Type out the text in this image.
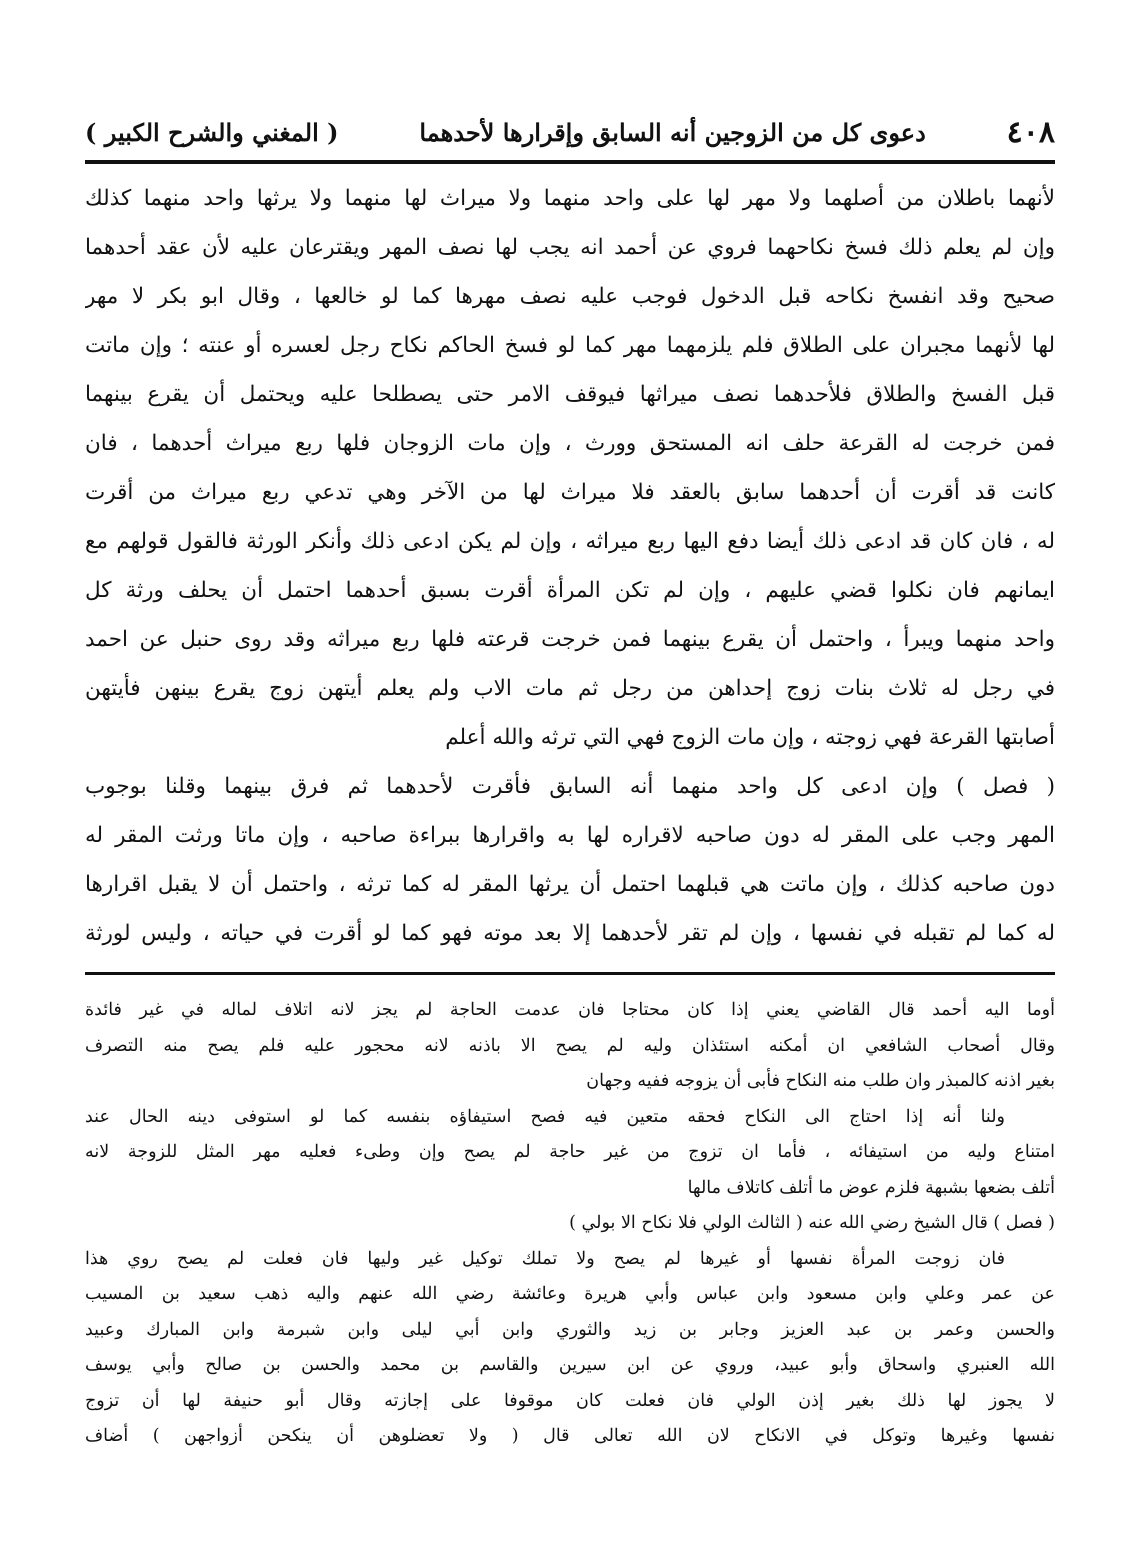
٤٠٨
دعوى كل من الزوجين أنه السابق وإقرارها لأحدهما
( المغني والشرح الكبير )
لأنهما باطلان من أصلهما ولا مهر لها على واحد منهما ولا ميراث لها منهما ولا يرثها واحد منهما كذلك
وإن لم يعلم ذلك فسخ نكاحهما فروي عن أحمد انه يجب لها نصف المهر ويقترعان عليه لأن عقد أحدهما
صحيح وقد انفسخ نكاحه قبل الدخول فوجب عليه نصف مهرها كما لو خالعها ، وقال ابو بكر لا مهر
لها لأنهما مجبران على الطلاق فلم يلزمهما مهر كما لو فسخ الحاكم نكاح رجل لعسره أو عنته ؛ وإن ماتت
قبل الفسخ والطلاق فلأحدهما نصف ميراثها فيوقف الامر حتى يصطلحا عليه ويحتمل أن يقرع بينهما
فمن خرجت له القرعة حلف انه المستحق وورث ، وإن مات الزوجان فلها ربع ميراث أحدهما ، فان
كانت قد أقرت أن أحدهما سابق بالعقد فلا ميراث لها من الآخر وهي تدعي ربع ميراث من أقرت
له ، فان كان قد ادعى ذلك أيضا دفع اليها ربع ميراثه ، وإن لم يكن ادعى ذلك وأنكر الورثة فالقول قولهم مع
ايمانهم فان نكلوا قضي عليهم ، وإن لم تكن المرأة أقرت بسبق أحدهما احتمل أن يحلف ورثة كل
واحد منهما ويبرأ ، واحتمل أن يقرع بينهما فمن خرجت قرعته فلها ربع ميراثه وقد روى حنبل عن احمد
في رجل له ثلاث بنات زوج إحداهن من رجل ثم مات الاب ولم يعلم أيتهن زوج يقرع بينهن فأيتهن
أصابتها القرعة فهي زوجته ، وإن مات الزوج فهي التي ترثه والله أعلم
( فصل ) وإن ادعى كل واحد منهما أنه السابق فأقرت لأحدهما ثم فرق بينهما وقلنا بوجوب
المهر وجب على المقر له دون صاحبه لاقراره لها به واقرارها ببراءة صاحبه ، وإن ماتا ورثت المقر له
دون صاحبه كذلك ، وإن ماتت هي قبلهما احتمل أن يرثها المقر له كما ترثه ، واحتمل أن لا يقبل اقرارها
له كما لم تقبله في نفسها ، وإن لم تقر لأحدهما إلا بعد موته فهو كما لو أقرت في حياته ، وليس لورثة
أوما اليه أحمد قال القاضي يعني إذا كان محتاجا فان عدمت الحاجة لم يجز لانه اتلاف لماله في غير فائدة
وقال أصحاب الشافعي ان أمكنه استئذان وليه لم يصح الا باذنه لانه محجور عليه فلم يصح منه التصرف
بغير اذنه كالمبذر وان طلب منه النكاح فأبى أن يزوجه ففيه وجهان
ولنا أنه إذا احتاج الى النكاح فحقه متعين فيه فصح استيفاؤه بنفسه كما لو استوفى دينه الحال عند
امتناع وليه من استيفائه ، فأما ان تزوج من غير حاجة لم يصح وإن وطىء فعليه مهر المثل للزوجة لانه
أتلف بضعها بشبهة فلزم عوض ما أتلف كاتلاف مالها
( فصل ) قال الشيخ رضي الله عنه ( الثالث الولي فلا نكاح الا بولي )
فان زوجت المرأة نفسها أو غيرها لم يصح ولا تملك توكيل غير وليها فان فعلت لم يصح روي هذا
عن عمر وعلي وابن مسعود وابن عباس وأبي هريرة وعائشة رضي الله عنهم واليه ذهب سعيد بن المسيب
والحسن وعمر بن عبد العزيز وجابر بن زيد والثوري وابن أبي ليلى وابن شبرمة وابن المبارك وعبيد
الله العنبري واسحاق وأبو عبيد، وروي عن ابن سيرين والقاسم بن محمد والحسن بن صالح وأبي يوسف
لا يجوز لها ذلك بغير إذن الولي فان فعلت كان موقوفا على إجازته وقال أبو حنيفة لها أن تزوج
نفسها وغيرها وتوكل في الانكاح لان الله تعالى قال ( ولا تعضلوهن أن ينكحن أزواجهن ) أضاف
